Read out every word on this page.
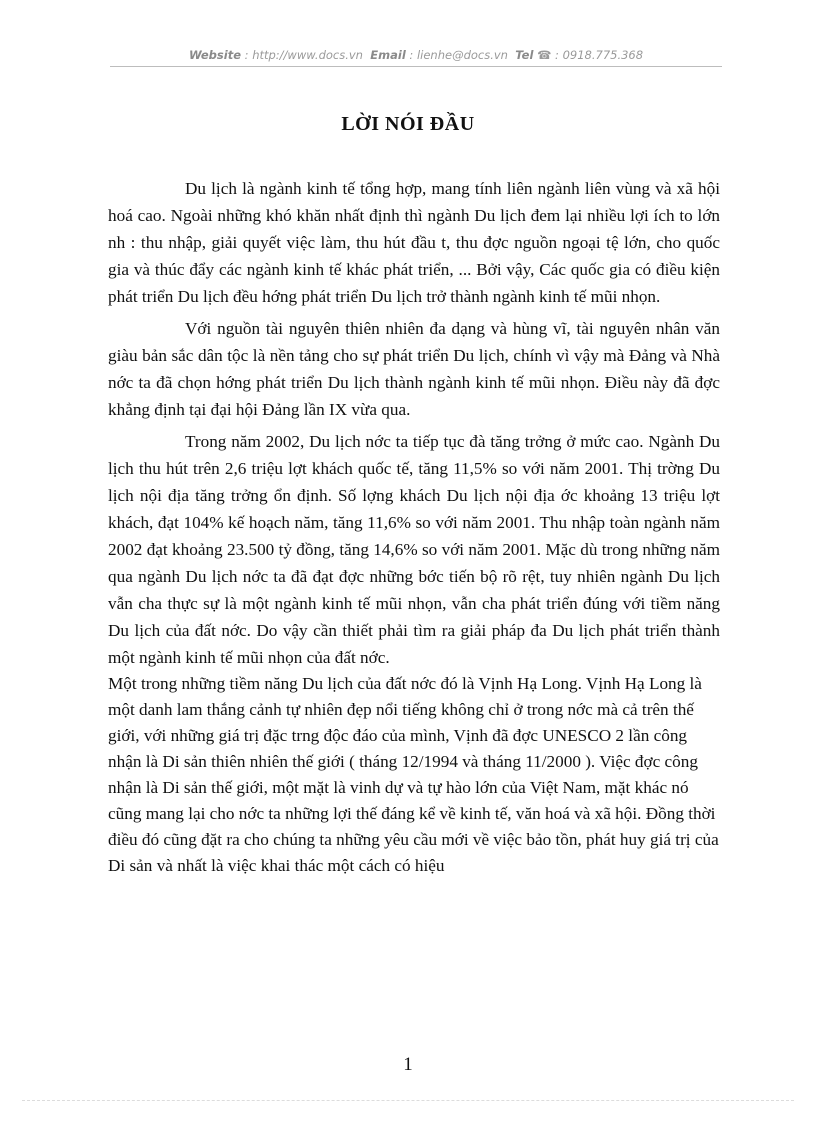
Website : http://www.docs.vn Email : lienhe@docs.vn Tel ☎ : 0918.775.368
LỜI NÓI ĐẦU

Du lịch là ngành kinh tế tổng hợp, mang tính liên ngành liên vùng và xã hội hoá cao. Ngoài những khó khăn nhất định thì ngành Du lịch đem lại nhiều lợi ích to lớn nh : thu nhập, giải quyết việc làm, thu hút đầu t, thu đợc nguồn ngoại tệ lớn, cho quốc gia và thúc đẩy các ngành kinh tế khác phát triển, ... Bởi vậy, Các quốc gia có điều kiện phát triển Du lịch đều hớng phát triển Du lịch trở thành ngành kinh tế mũi nhọn.

Với nguồn tài nguyên thiên nhiên đa dạng và hùng vĩ, tài nguyên nhân văn giàu bản sắc dân tộc là nền tảng cho sự phát triển Du lịch, chính vì vậy mà Đảng và Nhà nớc ta đã chọn hớng phát triển Du lịch thành ngành kinh tế mũi nhọn. Điều này đã đợc khẳng định tại đại hội Đảng lần IX vừa qua.

Trong năm 2002, Du lịch nớc ta tiếp tục đà tăng trởng ở mức cao. Ngành Du lịch thu hút trên 2,6 triệu lợt khách quốc tế, tăng 11,5% so với năm 2001. Thị trờng Du lịch nội địa tăng trởng ổn định. Số lợng khách Du lịch nội địa ớc khoảng 13 triệu lợt khách, đạt 104% kế hoạch năm, tăng 11,6% so với năm 2001. Thu nhập toàn ngành năm 2002 đạt khoảng 23.500 tỷ đồng, tăng 14,6% so với năm 2001. Mặc dù trong những năm qua ngành Du lịch nớc ta đã đạt đợc những bớc tiến bộ rõ rệt, tuy nhiên ngành Du lịch vẫn cha thực sự là một ngành kinh tế mũi nhọn, vẫn cha phát triển đúng với tiềm năng Du lịch của đất nớc. Do vậy cần thiết phải tìm ra giải pháp đa Du lịch phát triển thành một ngành kinh tế mũi nhọn của đất nớc.

Một trong những tiềm năng Du lịch của đất nớc đó là Vịnh Hạ Long. Vịnh Hạ Long là một danh lam thắng cảnh tự nhiên đẹp nổi tiếng không chỉ ở trong nớc mà cả trên thế giới, với những giá trị đặc trng độc đáo của mình, Vịnh đã đợc UNESCO 2 lần công nhận là Di sản thiên nhiên thế giới ( tháng 12/1994 và tháng 11/2000 ). Việc đợc công nhận là Di sản thế giới, một mặt là vinh dự và tự hào lớn của Việt Nam, mặt khác nó cũng mang lại cho nớc ta những lợi thế đáng kể về kinh tế, văn hoá và xã hội. Đồng thời điều đó cũng đặt ra cho chúng ta những yêu cầu mới về việc bảo tồn, phát huy giá trị của Di sản và nhất là việc khai thác một cách có hiệu

1
